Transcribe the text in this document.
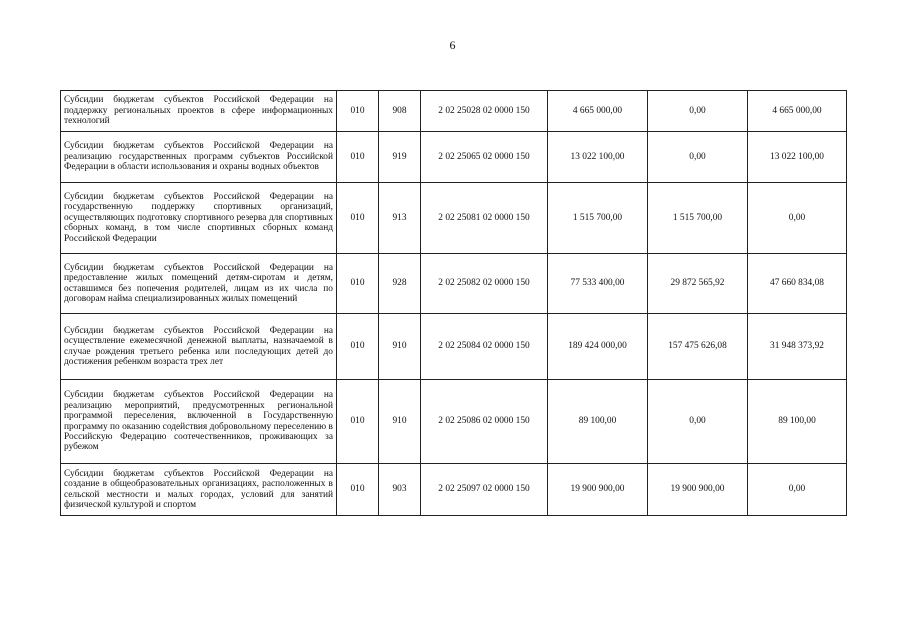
6
Субсидии бюджетам субъектов Российской Федерации на поддержку региональных проектов в сфере информационных технологий	010	908	2 02 25028 02 0000 150	4 665 000,00	0,00	4 665 000,00
Субсидии бюджетам субъектов Российской Федерации на реализацию государственных программ субъектов Российской Федерации в области использования и охраны водных объектов	010	919	2 02 25065 02 0000 150	13 022 100,00	0,00	13 022 100,00
Субсидии бюджетам субъектов Российской Федерации на государственную поддержку спортивных организаций, осуществляющих подготовку спортивного резерва для спортивных сборных команд, в том числе спортивных сборных команд Российской Федерации	010	913	2 02 25081 02 0000 150	1 515 700,00	1 515 700,00	0,00
Субсидии бюджетам субъектов Российской Федерации на предоставление жилых помещений детям-сиротам и детям, оставшимся без попечения родителей, лицам из их числа по договорам найма специализированных жилых помещений	010	928	2 02 25082 02 0000 150	77 533 400,00	29 872 565,92	47 660 834,08
Субсидии бюджетам субъектов Российской Федерации на осуществление ежемесячной денежной выплаты, назначаемой в случае рождения третьего ребенка или последующих детей до достижения ребенком возраста трех лет	010	910	2 02 25084 02 0000 150	189 424 000,00	157 475 626,08	31 948 373,92
Субсидии бюджетам субъектов Российской Федерации на реализацию мероприятий, предусмотренных региональной программой переселения, включенной в Государственную программу по оказанию содействия добровольному переселению в Российскую Федерацию соотечественников, проживающих за рубежом	010	910	2 02 25086 02 0000 150	89 100,00	0,00	89 100,00
Субсидии бюджетам субъектов Российской Федерации на создание в общеобразовательных организациях, расположенных в сельской местности и малых городах, условий для занятий физической культурой и спортом	010	903	2 02 25097 02 0000 150	19 900 900,00	19 900 900,00	0,00
